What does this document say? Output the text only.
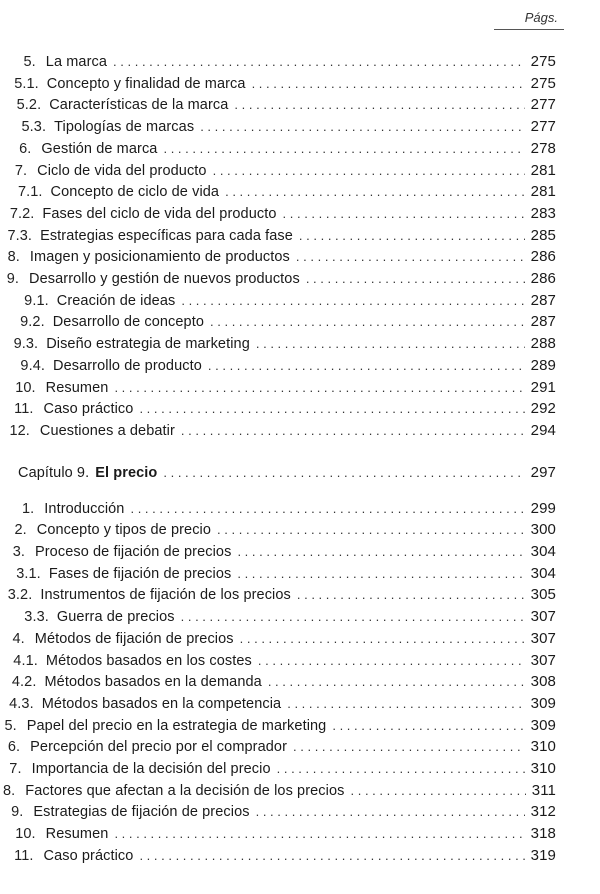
Págs.
5. La marca . . .	275
5.1. Concepto y finalidad de marca . . .	275
5.2. Características de la marca . . .	277
5.3. Tipologías de marcas . . .	277
6. Gestión de marca . . .	278
7. Ciclo de vida del producto . . .	281
7.1. Concepto de ciclo de vida . . .	281
7.2. Fases del ciclo de vida del producto . . .	283
7.3. Estrategias específicas para cada fase . . .	285
8. Imagen y posicionamiento de productos . . .	286
9. Desarrollo y gestión de nuevos productos . . .	286
9.1. Creación de ideas . . .	287
9.2. Desarrollo de concepto . . .	287
9.3. Diseño estrategia de marketing . . .	288
9.4. Desarrollo de producto . . .	289
10. Resumen . . .	291
11. Caso práctico . . .	292
12. Cuestiones a debatir . . .	294
Capítulo 9. El precio . . .	297
1. Introducción . . .	299
2. Concepto y tipos de precio . . .	300
3. Proceso de fijación de precios . . .	304
3.1. Fases de fijación de precios . . .	304
3.2. Instrumentos de fijación de los precios . . .	305
3.3. Guerra de precios . . .	307
4. Métodos de fijación de precios . . .	307
4.1. Métodos basados en los costes . . .	307
4.2. Métodos basados en la demanda . . .	308
4.3. Métodos basados en la competencia . . .	309
5. Papel del precio en la estrategia de marketing . . .	309
6. Percepción del precio por el comprador . . .	310
7. Importancia de la decisión del precio . . .	310
8. Factores que afectan a la decisión de los precios . . .	311
9. Estrategias de fijación de precios . . .	312
10. Resumen . . .	318
11. Caso práctico . . .	319
